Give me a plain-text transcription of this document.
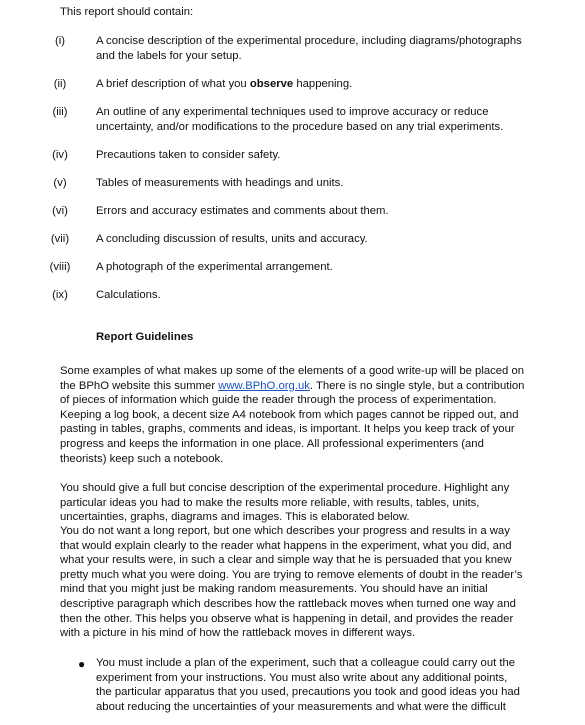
This report should contain:
(i)	A concise description of the experimental procedure, including diagrams/photographs and the labels for your setup.
(ii)	A brief description of what you observe happening.
(iii)	An outline of any experimental techniques used to improve accuracy or reduce uncertainty, and/or modifications to the procedure based on any trial experiments.
(iv)	Precautions taken to consider safety.
(v)	Tables of measurements with headings and units.
(vi)	Errors and accuracy estimates and comments about them.
(vii)	A concluding discussion of results, units and accuracy.
(viii)	A photograph of the experimental arrangement.
(ix)	Calculations.
Report Guidelines
Some examples of what makes up some of the elements of a good write-up will be placed on the BPhO website this summer www.BPhO.org.uk. There is no single style, but a contribution of pieces of information which guide the reader through the process of experimentation. Keeping a log book, a decent size A4 notebook from which pages cannot be ripped out, and pasting in tables, graphs, comments and ideas, is important. It helps you keep track of your progress and keeps the information in one place. All professional experimenters (and theorists) keep such a notebook.
You should give a full but concise description of the experimental procedure. Highlight any particular ideas you had to make the results more reliable, with results, tables, units, uncertainties, graphs, diagrams and images. This is elaborated below.
You do not want a long report, but one which describes your progress and results in a way that would explain clearly to the reader what happens in the experiment, what you did, and what your results were, in such a clear and simple way that he is persuaded that you knew pretty much what you were doing. You are trying to remove elements of doubt in the reader’s mind that you might just be making random measurements. You should have an initial descriptive paragraph which describes how the rattleback moves when turned one way and then the other. This helps you observe what is happening in detail, and provides the reader with a picture in his mind of how the rattleback moves in different ways.
● You must include a plan of the experiment, such that a colleague could carry out the experiment from your instructions. You must also write about any additional points, the particular apparatus that you used, precautions you took and good ideas you had about reducing the uncertainties of your measurements and what were the difficult
